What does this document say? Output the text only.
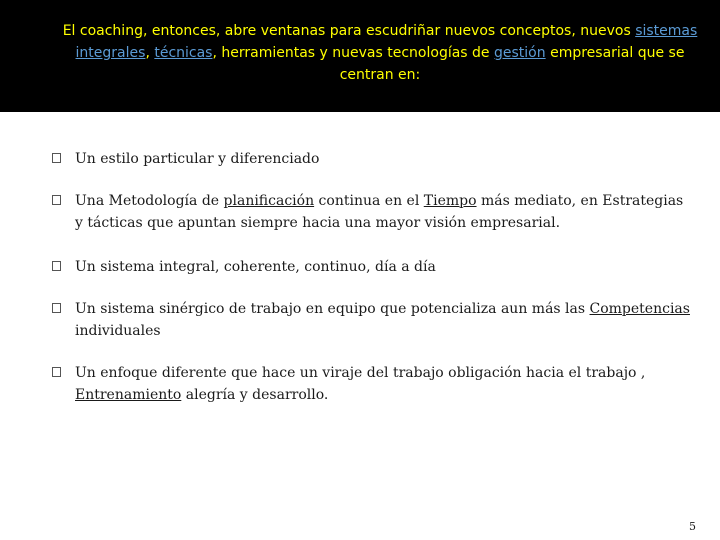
El coaching, entonces, abre ventanas para escudriñar nuevos conceptos, nuevos sistemas integrales, técnicas, herramientas y nuevas tecnologías de gestión empresarial que se centran en:
Un estilo particular y diferenciado
Una Metodología de planificación continua en el Tiempo más mediato, en Estrategias y tácticas que apuntan siempre hacia una mayor visión empresarial.
Un sistema integral, coherente, continuo, día a día
Un sistema sinérgico de trabajo en equipo que potencializa aun más las Competencias individuales
Un enfoque diferente que hace un viraje del trabajo obligación hacia el trabajo , Entrenamiento alegría y desarrollo.
5
